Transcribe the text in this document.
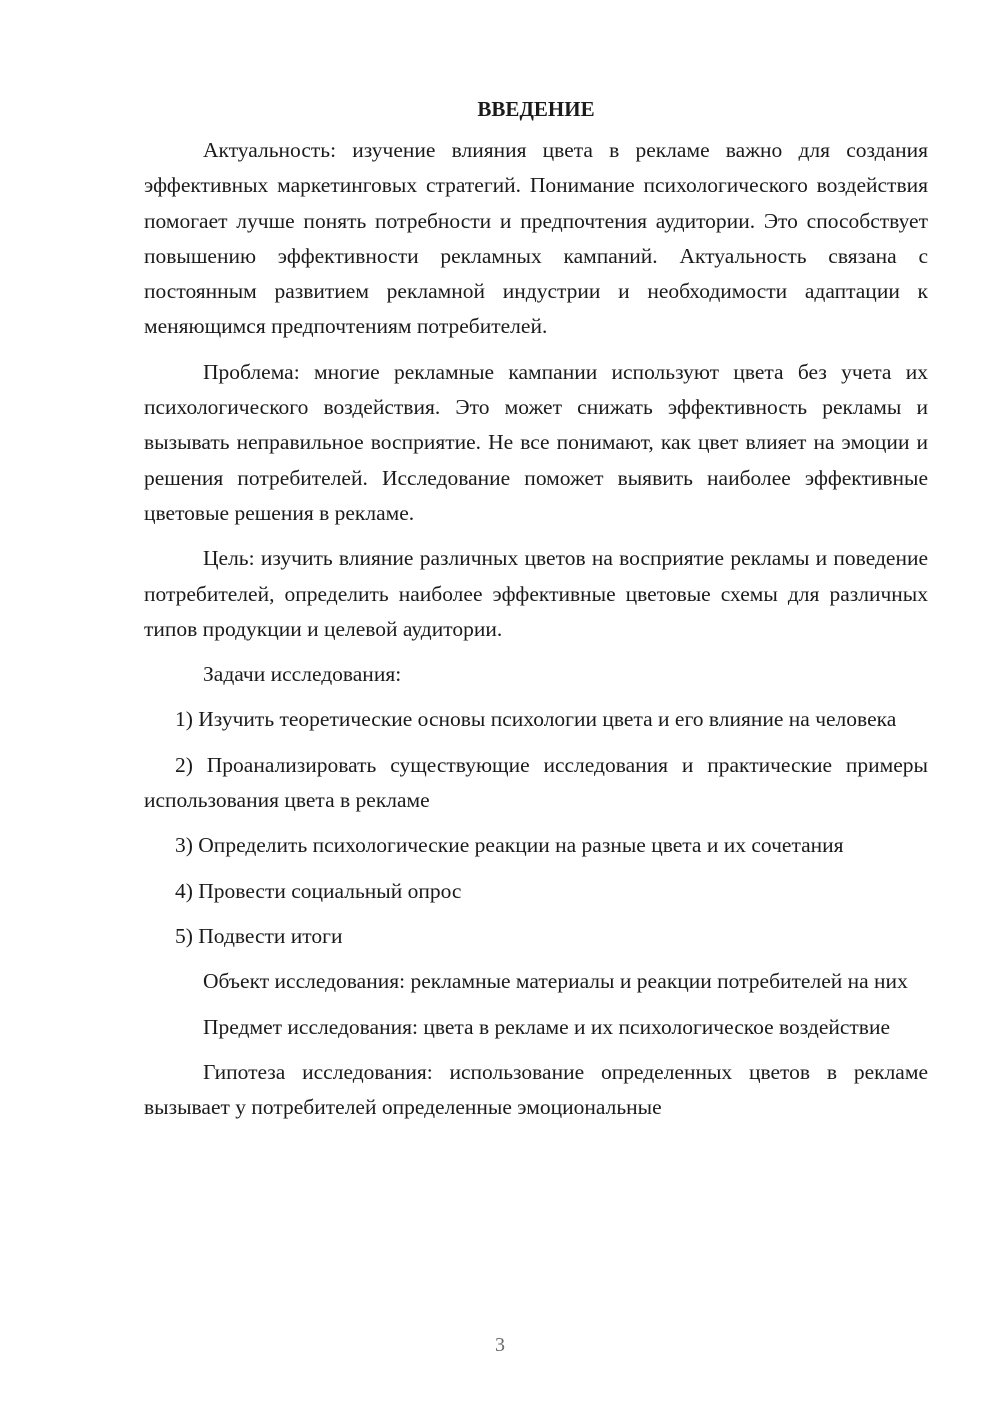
ВВЕДЕНИЕ

Актуальность: изучение влияния цвета в рекламе важно для создания эффективных маркетинговых стратегий. Понимание психологического воздействия помогает лучше понять потребности и предпочтения аудитории. Это способствует повышению эффективности рекламных кампаний. Актуальность связана с постоянным развитием рекламной индустрии и необходимости адаптации к меняющимся предпочтениям потребителей.

Проблема: многие рекламные кампании используют цвета без учета их психологического воздействия. Это может снижать эффективность рекламы и вызывать неправильное восприятие. Не все понимают, как цвет влияет на эмоции и решения потребителей. Исследование поможет выявить наиболее эффективные цветовые решения в рекламе.

Цель: изучить влияние различных цветов на восприятие рекламы и поведение потребителей, определить наиболее эффективные цветовые схемы для различных типов продукции и целевой аудитории.

Задачи исследования:

1) Изучить теоретические основы психологии цвета и его влияние на человека

2) Проанализировать существующие исследования и практические примеры использования цвета в рекламе

3) Определить психологические реакции на разные цвета и их сочетания

4) Провести социальный опрос

5) Подвести итоги

Объект исследования: рекламные материалы и реакции потребителей на них

Предмет исследования: цвета в рекламе и их психологическое воздействие

Гипотеза исследования: использование определенных цветов в рекламе вызывает у потребителей определенные эмоциональные

3
